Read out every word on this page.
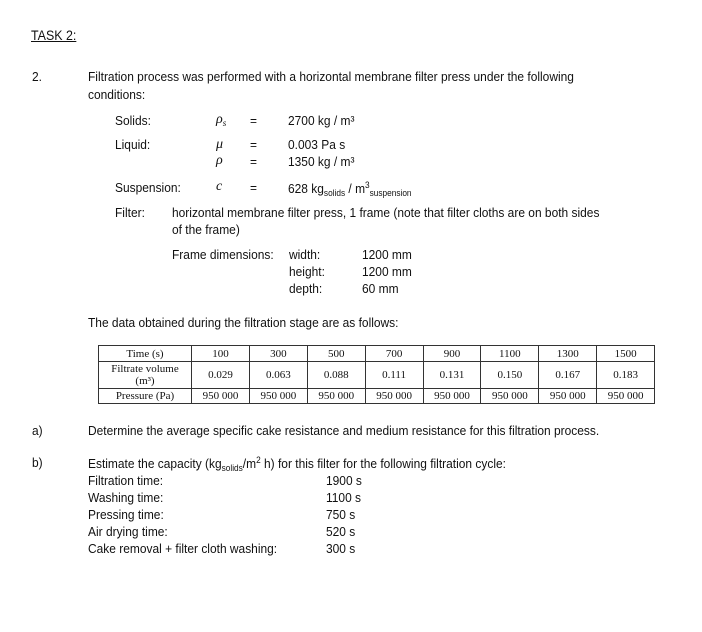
TASK 2:
2.	Filtration process was performed with a horizontal membrane filter press under the following
conditions:
Solids:	$\rho_s = 2700$ kg / m³
Liquid:	μ = 0.003 Pa s
ρ = 1350 kg / m³
Suspension:	c = 628 $kg_{solids} / m^3_{suspension}$
Filter: horizontal membrane filter press, 1 frame (note that filter cloths are on both sides
of the frame)
Frame dimensions: width:	1200 mm
height:	1200 mm
depth:	60 mm
The data obtained during the filtration stage are as follows:
Time (s)	100	300	500	700	900	1100	1300	1500

Filtrate volume
(m³)	0.029	0.063	0.088	0.111	0.131	0.150	0.167	0.183
Pressure (Pa)	950 000	950 000	950 000	950 000	950 000	950 000	950 000	950 000
a)	Determine the average specific cake resistance and medium resistance for this filtration process.
b)	Estimate the capacity ($kg_{solids}/m^2$ h) for this filter for the following filtration cycle:
Filtration time:	1900 s
Washing time:	1100 s
Pressing time:	750 s
Air drying time:	520 s
Cake removal + filter cloth washing:	300 s
